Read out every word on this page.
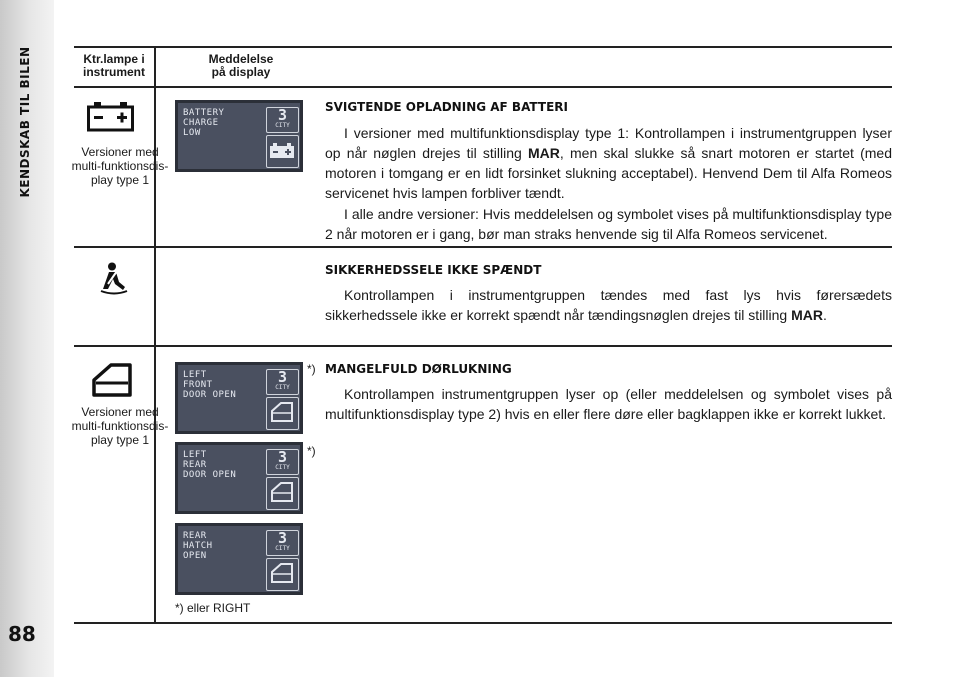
KENDSKAB TIL BILEN
88
Ktr.lampe i
instrument
Meddelelse
på display
Versioner med multi-funktionsdis-play type 1
BATTERY
CHARGE
LOW
3
CITY
SVIGTENDE OPLADNING AF BATTERI

I versioner med multifunktionsdisplay type 1: Kontrollampen i instrumentgruppen lyser op når nøglen drejes til stilling MAR, men skal slukke så snart motoren er startet (med motoren i tomgang er en lidt forsinket slukning acceptabel). Henvend Dem til Alfa Romeos servicenet hvis lampen forbliver tændt.

I alle andre versioner: Hvis meddelelsen og symbolet vises på multifunktionsdisplay type 2 når motoren er i gang, bør man straks henvende sig til Alfa Romeos servicenet.

SIKKERHEDSSELE IKKE SPÆNDT

Kontrollampen i instrumentgruppen tændes med fast lys hvis førersædets sikkerhedssele ikke er korrekt spændt når tændingsnøglen drejes til stilling MAR.

Versioner med multi-funktionsdis-play type 1
LEFT
FRONT
DOOR OPEN
3
CITY
*)
LEFT
REAR
DOOR OPEN
3
CITY
*)
REAR
HATCH
OPEN
3
CITY
*) eller RIGHT
MANGELFULD DØRLUKNING

Kontrollampen instrumentgruppen lyser op (eller meddelelsen og symbolet vises på multifunktionsdisplay type 2) hvis en eller flere døre eller bagklappen ikke er korrekt lukket.
